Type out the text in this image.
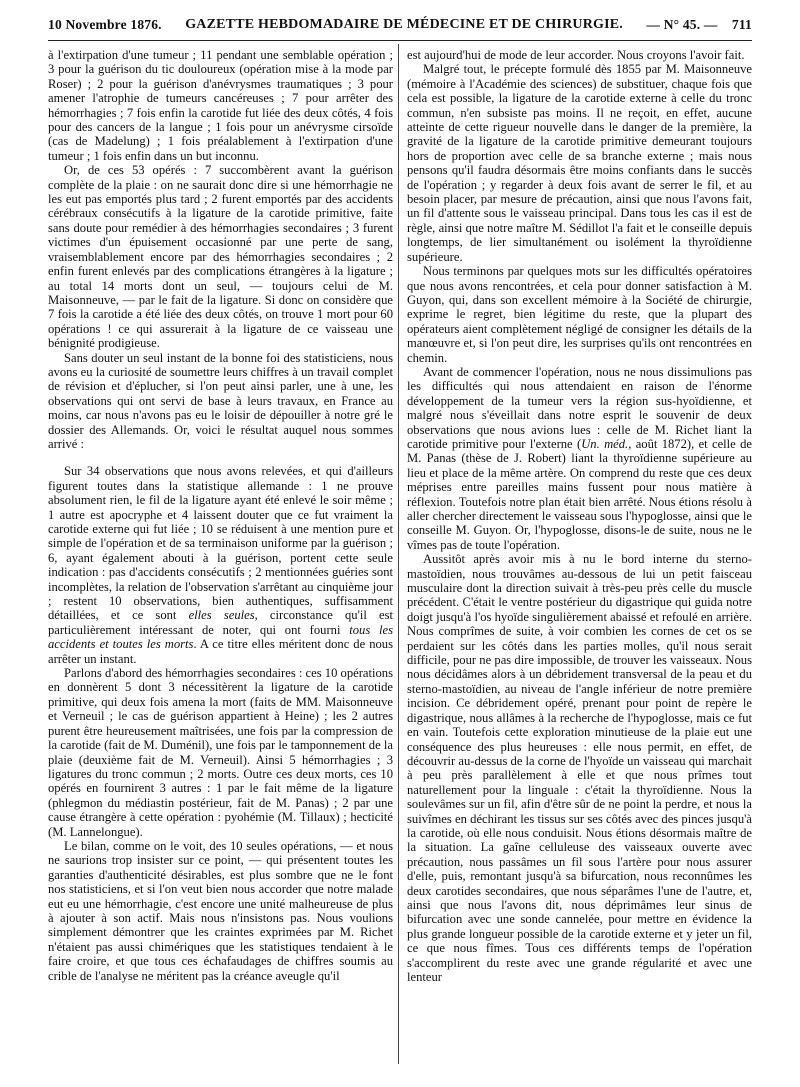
10 Novembre 1876. GAZETTE HEBDOMADAIRE DE MÉDECINE ET DE CHIRURGIE. — N° 45. — 711

à l'extirpation d'une tumeur ; 11 pendant une semblable opération ; 3 pour la guérison du tic douloureux (opération mise à la mode par Roser) ; 2 pour la guérison d'anévrysmes traumatiques ; 3 pour amener l'atrophie de tumeurs cancéreuses ; 7 pour arrêter des hémorrhagies ; 7 fois enfin la carotide fut liée des deux côtés, 4 fois pour des cancers de la langue ; 1 fois pour un anévrysme cirsoïde (cas de Madelung) ; 1 fois préalablement à l'extirpation d'une tumeur ; 1 fois enfin dans un but inconnu.

Or, de ces 53 opérés : 7 succombèrent avant la guérison complète de la plaie : on ne saurait donc dire si une hémorrhagie ne les eut pas emportés plus tard ; 2 furent emportés par des accidents cérébraux consécutifs à la ligature de la carotide primitive, faite sans doute pour remédier à des hémorrhagies secondaires ; 3 furent victimes d'un épuisement occasionné par une perte de sang, vraisemblablement encore par des hémorrhagies secondaires ; 2 enfin furent enlevés par des complications étrangères à la ligature ; au total 14 morts dont un seul, — toujours celui de M. Maisonneuve, — par le fait de la ligature. Si donc on considère que 7 fois la carotide a été liée des deux côtés, on trouve 1 mort pour 60 opérations ! ce qui assurerait à la ligature de ce vaisseau une bénignité prodigieuse.

Sans douter un seul instant de la bonne foi des statisticiens, nous avons eu la curiosité de soumettre leurs chiffres à un travail complet de révision et d'éplucher, si l'on peut ainsi parler, une à une, les observations qui ont servi de base à leurs travaux, en France au moins, car nous n'avons pas eu le loisir de dépouiller à notre gré le dossier des Allemands. Or, voici le résultat auquel nous sommes arrivé :

Sur 34 observations que nous avons relevées, et qui d'ailleurs figurent toutes dans la statistique allemande : 1 ne prouve absolument rien, le fil de la ligature ayant été enlevé le soir même ; 1 autre est apocryphe et 4 laissent douter que ce fut vraiment la carotide externe qui fut liée ; 10 se réduisent à une mention pure et simple de l'opération et de sa terminaison uniforme par la guérison ; 6, ayant également abouti à la guérison, portent cette seule indication : pas d'accidents consécutifs ; 2 mentionnées guéries sont incomplètes, la relation de l'observation s'arrêtant au cinquième jour ; restent 10 observations, bien authentiques, suffisamment détaillées, et ce sont elles seules, circonstance qu'il est particulièrement intéressant de noter, qui ont fourni tous les accidents et toutes les morts. A ce titre elles méritent donc de nous arrêter un instant.

Parlons d'abord des hémorrhagies secondaires : ces 10 opérations en donnèrent 5 dont 3 nécessitèrent la ligature de la carotide primitive, qui deux fois amena la mort (faits de MM. Maisonneuve et Verneuil ; le cas de guérison appartient à Heine) ; les 2 autres purent être heureusement maîtrisées, une fois par la compression de la carotide (fait de M. Duménil), une fois par le tamponnement de la plaie (deuxième fait de M. Verneuil). Ainsi 5 hémorrhagies ; 3 ligatures du tronc commun ; 2 morts. Outre ces deux morts, ces 10 opérés en fournirent 3 autres : 1 par le fait même de la ligature (phlegmon du médiastin postérieur, fait de M. Panas) ; 2 par une cause étrangère à cette opération : pyohémie (M. Tillaux) ; hecticité (M. Lannelongue).

Le bilan, comme on le voit, des 10 seules opérations, — et nous ne saurions trop insister sur ce point, — qui présentent toutes les garanties d'authenticité désirables, est plus sombre que ne le font nos statisticiens, et si l'on veut bien nous accorder que notre malade eut eu une hémorrhagie, c'est encore une unité malheureuse de plus à ajouter à son actif. Mais nous n'insistons pas. Nous voulions simplement démontrer que les craintes exprimées par M. Richet n'étaient pas aussi chimériques que les statistiques tendaient à le faire croire, et que tous ces échafaudages de chiffres soumis au crible de l'analyse ne méritent pas la créance aveugle qu'il

est aujourd'hui de mode de leur accorder. Nous croyons l'avoir fait.

Malgré tout, le précepte formulé dès 1855 par M. Maisonneuve (mémoire à l'Académie des sciences) de substituer, chaque fois que cela est possible, la ligature de la carotide externe à celle du tronc commun, n'en subsiste pas moins. Il ne reçoit, en effet, aucune atteinte de cette rigueur nouvelle dans le danger de la première, la gravité de la ligature de la carotide primitive demeurant toujours hors de proportion avec celle de sa branche externe ; mais nous pensons qu'il faudra désormais être moins confiants dans le succès de l'opération ; y regarder à deux fois avant de serrer le fil, et au besoin placer, par mesure de précaution, ainsi que nous l'avons fait, un fil d'attente sous le vaisseau principal. Dans tous les cas il est de règle, ainsi que notre maître M. Sédillot l'a fait et le conseille depuis longtemps, de lier simultanément ou isolément la thyroïdienne supérieure.

Nous terminons par quelques mots sur les difficultés opératoires que nous avons rencontrées, et cela pour donner satisfaction à M. Guyon, qui, dans son excellent mémoire à la Société de chirurgie, exprime le regret, bien légitime du reste, que la plupart des opérateurs aient complètement négligé de consigner les détails de la manœuvre et, si l'on peut dire, les surprises qu'ils ont rencontrées en chemin.

Avant de commencer l'opération, nous ne nous dissimulions pas les difficultés qui nous attendaient en raison de l'énorme développement de la tumeur vers la région sus-hyoïdienne, et malgré nous s'éveillait dans notre esprit le souvenir de deux observations que nous avions lues : celle de M. Richet liant la carotide primitive pour l'externe (Un. méd., août 1872), et celle de M. Panas (thèse de J. Robert) liant la thyroïdienne supérieure au lieu et place de la même artère. On comprend du reste que ces deux méprises entre pareilles mains fussent pour nous matière à réflexion. Toutefois notre plan était bien arrêté. Nous étions résolu à aller chercher directement le vaisseau sous l'hypoglosse, ainsi que le conseille M. Guyon. Or, l'hypoglosse, disons-le de suite, nous ne le vîmes pas de toute l'opération.

Aussitôt après avoir mis à nu le bord interne du sterno-mastoïdien, nous trouvâmes au-dessous de lui un petit faisceau musculaire dont la direction suivait à très-peu près celle du muscle précédent. C'était le ventre postérieur du digastrique qui guida notre doigt jusqu'à l'os hyoïde singulièrement abaissé et refoulé en arrière. Nous comprîmes de suite, à voir combien les cornes de cet os se perdaient sur les côtés dans les parties molles, qu'il nous serait difficile, pour ne pas dire impossible, de trouver les vaisseaux. Nous nous décidâmes alors à un débridement transversal de la peau et du sterno-mastoïdien, au niveau de l'angle inférieur de notre première incision. Ce débridement opéré, prenant pour point de repère le digastrique, nous allâmes à la recherche de l'hypoglosse, mais ce fut en vain. Toutefois cette exploration minutieuse de la plaie eut une conséquence des plus heureuses : elle nous permit, en effet, de découvrir au-dessus de la corne de l'hyoïde un vaisseau qui marchait à peu près parallèlement à elle et que nous prîmes tout naturellement pour la linguale : c'était la thyroïdienne. Nous la soulevâmes sur un fil, afin d'être sûr de ne point la perdre, et nous la suivîmes en déchirant les tissus sur ses côtés avec des pinces jusqu'à la carotide, où elle nous conduisit. Nous étions désormais maître de la situation. La gaîne celluleuse des vaisseaux ouverte avec précaution, nous passâmes un fil sous l'artère pour nous assurer d'elle, puis, remontant jusqu'à sa bifurcation, nous reconnûmes les deux carotides secondaires, que nous séparâmes l'une de l'autre, et, ainsi que nous l'avons dit, nous déprimâmes leur sinus de bifurcation avec une sonde cannelée, pour mettre en évidence la plus grande longueur possible de la carotide externe et y jeter un fil, ce que nous fîmes. Tous ces différents temps de l'opération s'accomplirent du reste avec une grande régularité et avec une lenteur
